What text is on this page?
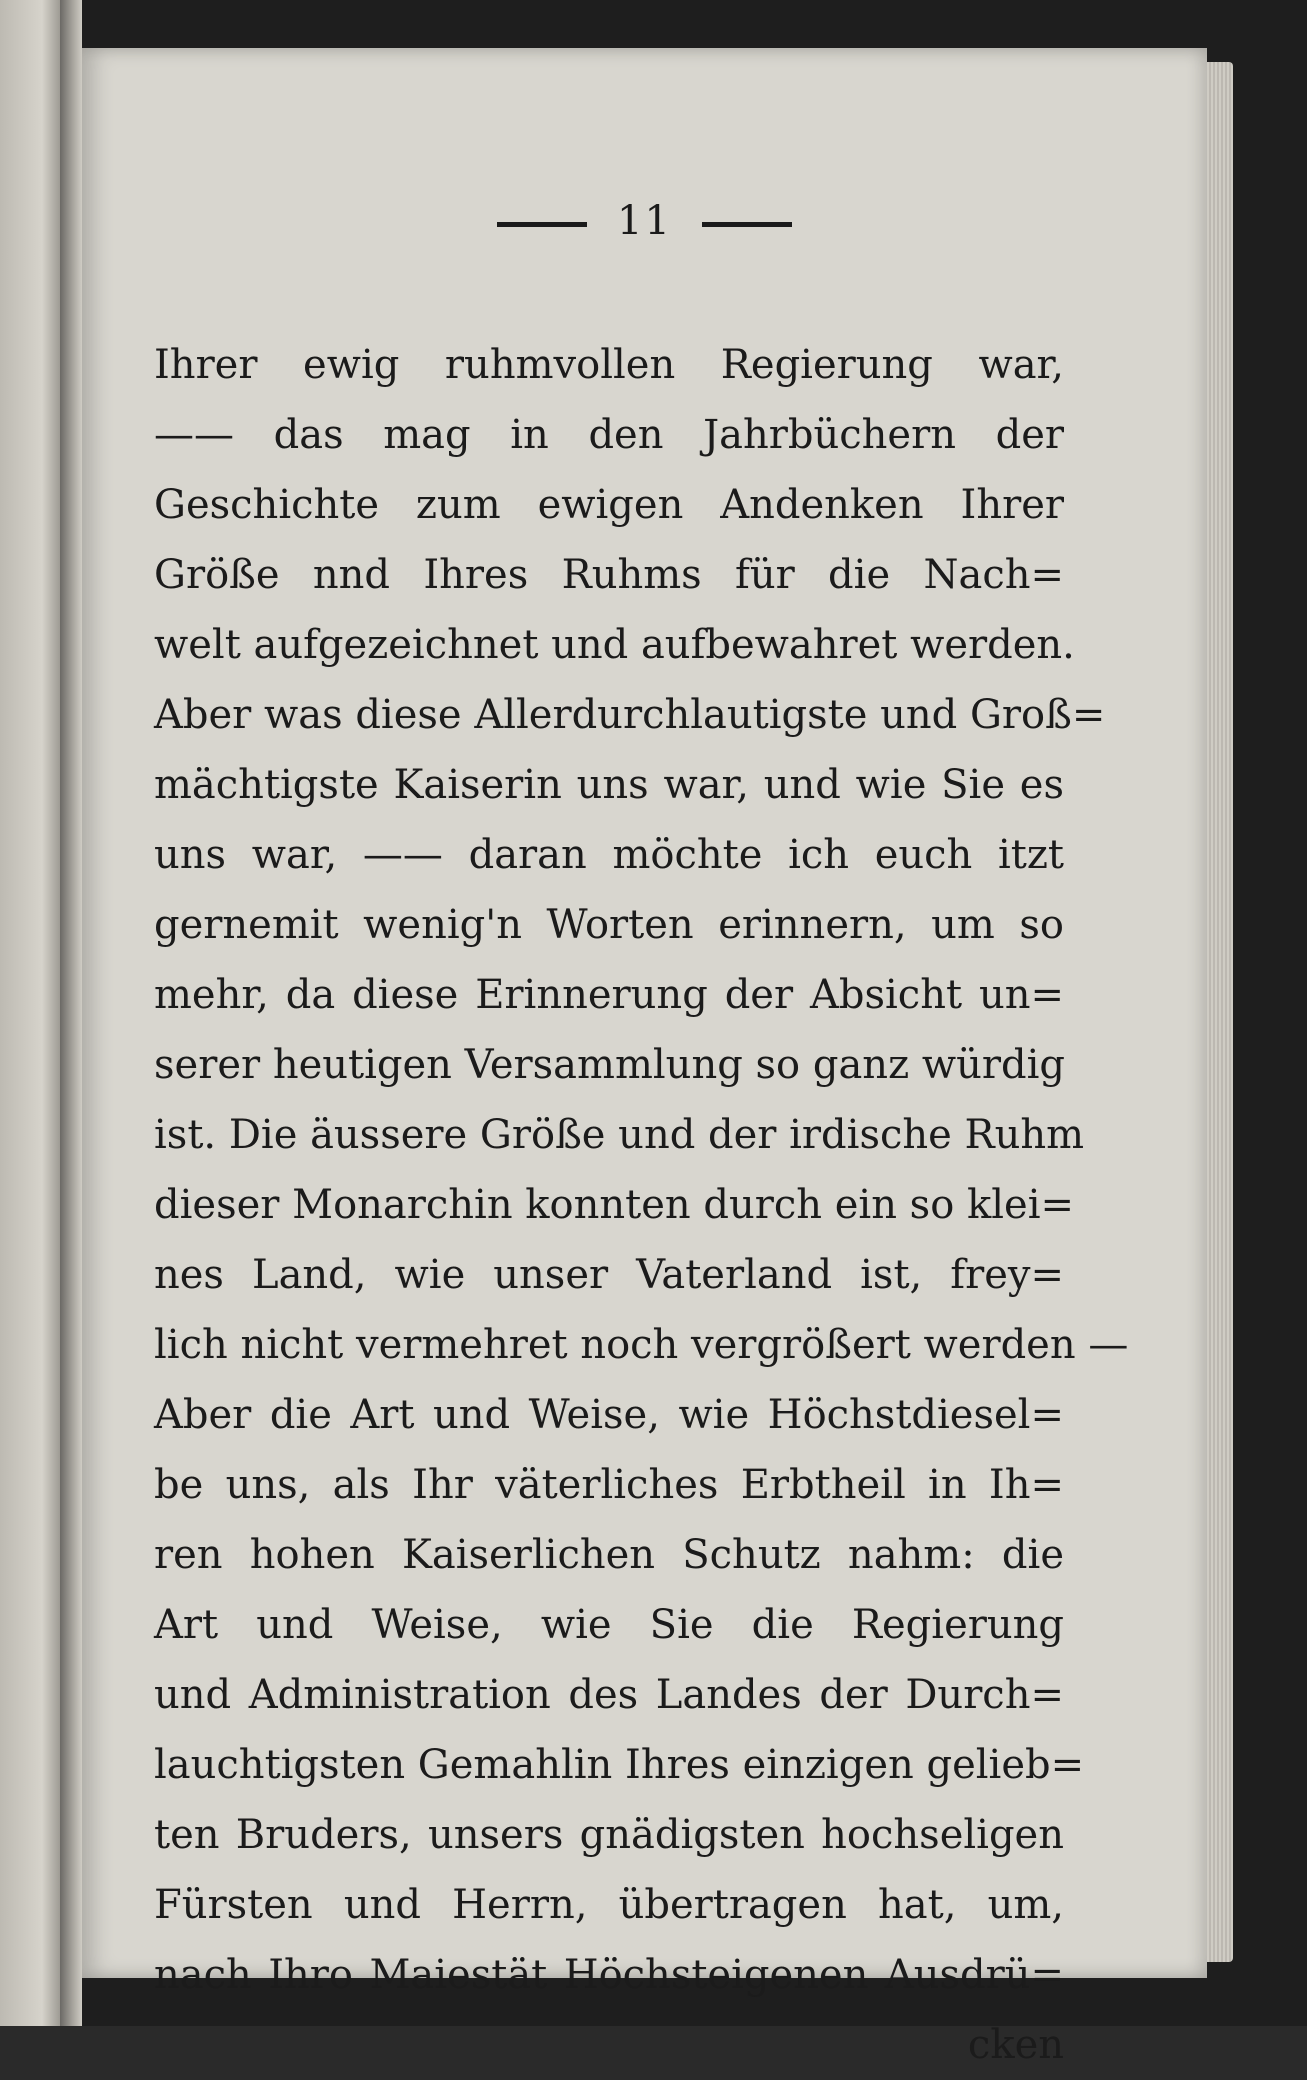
11
Ihrer ewig ruhmvollen Regierung war,
—— das mag in den Jahrbüchern der
Geschichte zum ewigen Andenken Ihrer
Größe nnd Ihres Ruhms für die Nach=
welt aufgezeichnet und aufbewahret werden.
Aber was diese Allerdurchlautigste und Groß=
mächtigste Kaiserin uns war, und wie Sie es
uns war, —— daran möchte ich euch itzt
gernemit wenig'n Worten erinnern, um so
mehr, da diese Erinnerung der Absicht un=
serer heutigen Versammlung so ganz würdig
ist. Die äussere Größe und der irdische Ruhm
dieser Monarchin konnten durch ein so klei=
nes Land, wie unser Vaterland ist, frey=
lich nicht vermehret noch vergrößert werden —
Aber die Art und Weise, wie Höchstdiesel=
be uns, als Ihr väterliches Erbtheil in Ih=
ren hohen Kaiserlichen Schutz nahm: die
Art und Weise, wie Sie die Regierung
und Administration des Landes der Durch=
lauchtigsten Gemahlin Ihres einzigen gelieb=
ten Bruders, unsers gnädigsten hochseligen
Fürsten und Herrn, übertragen hat, um,
nach Ihro Maiestät Höchsteigenen Ausdrü=
cken
